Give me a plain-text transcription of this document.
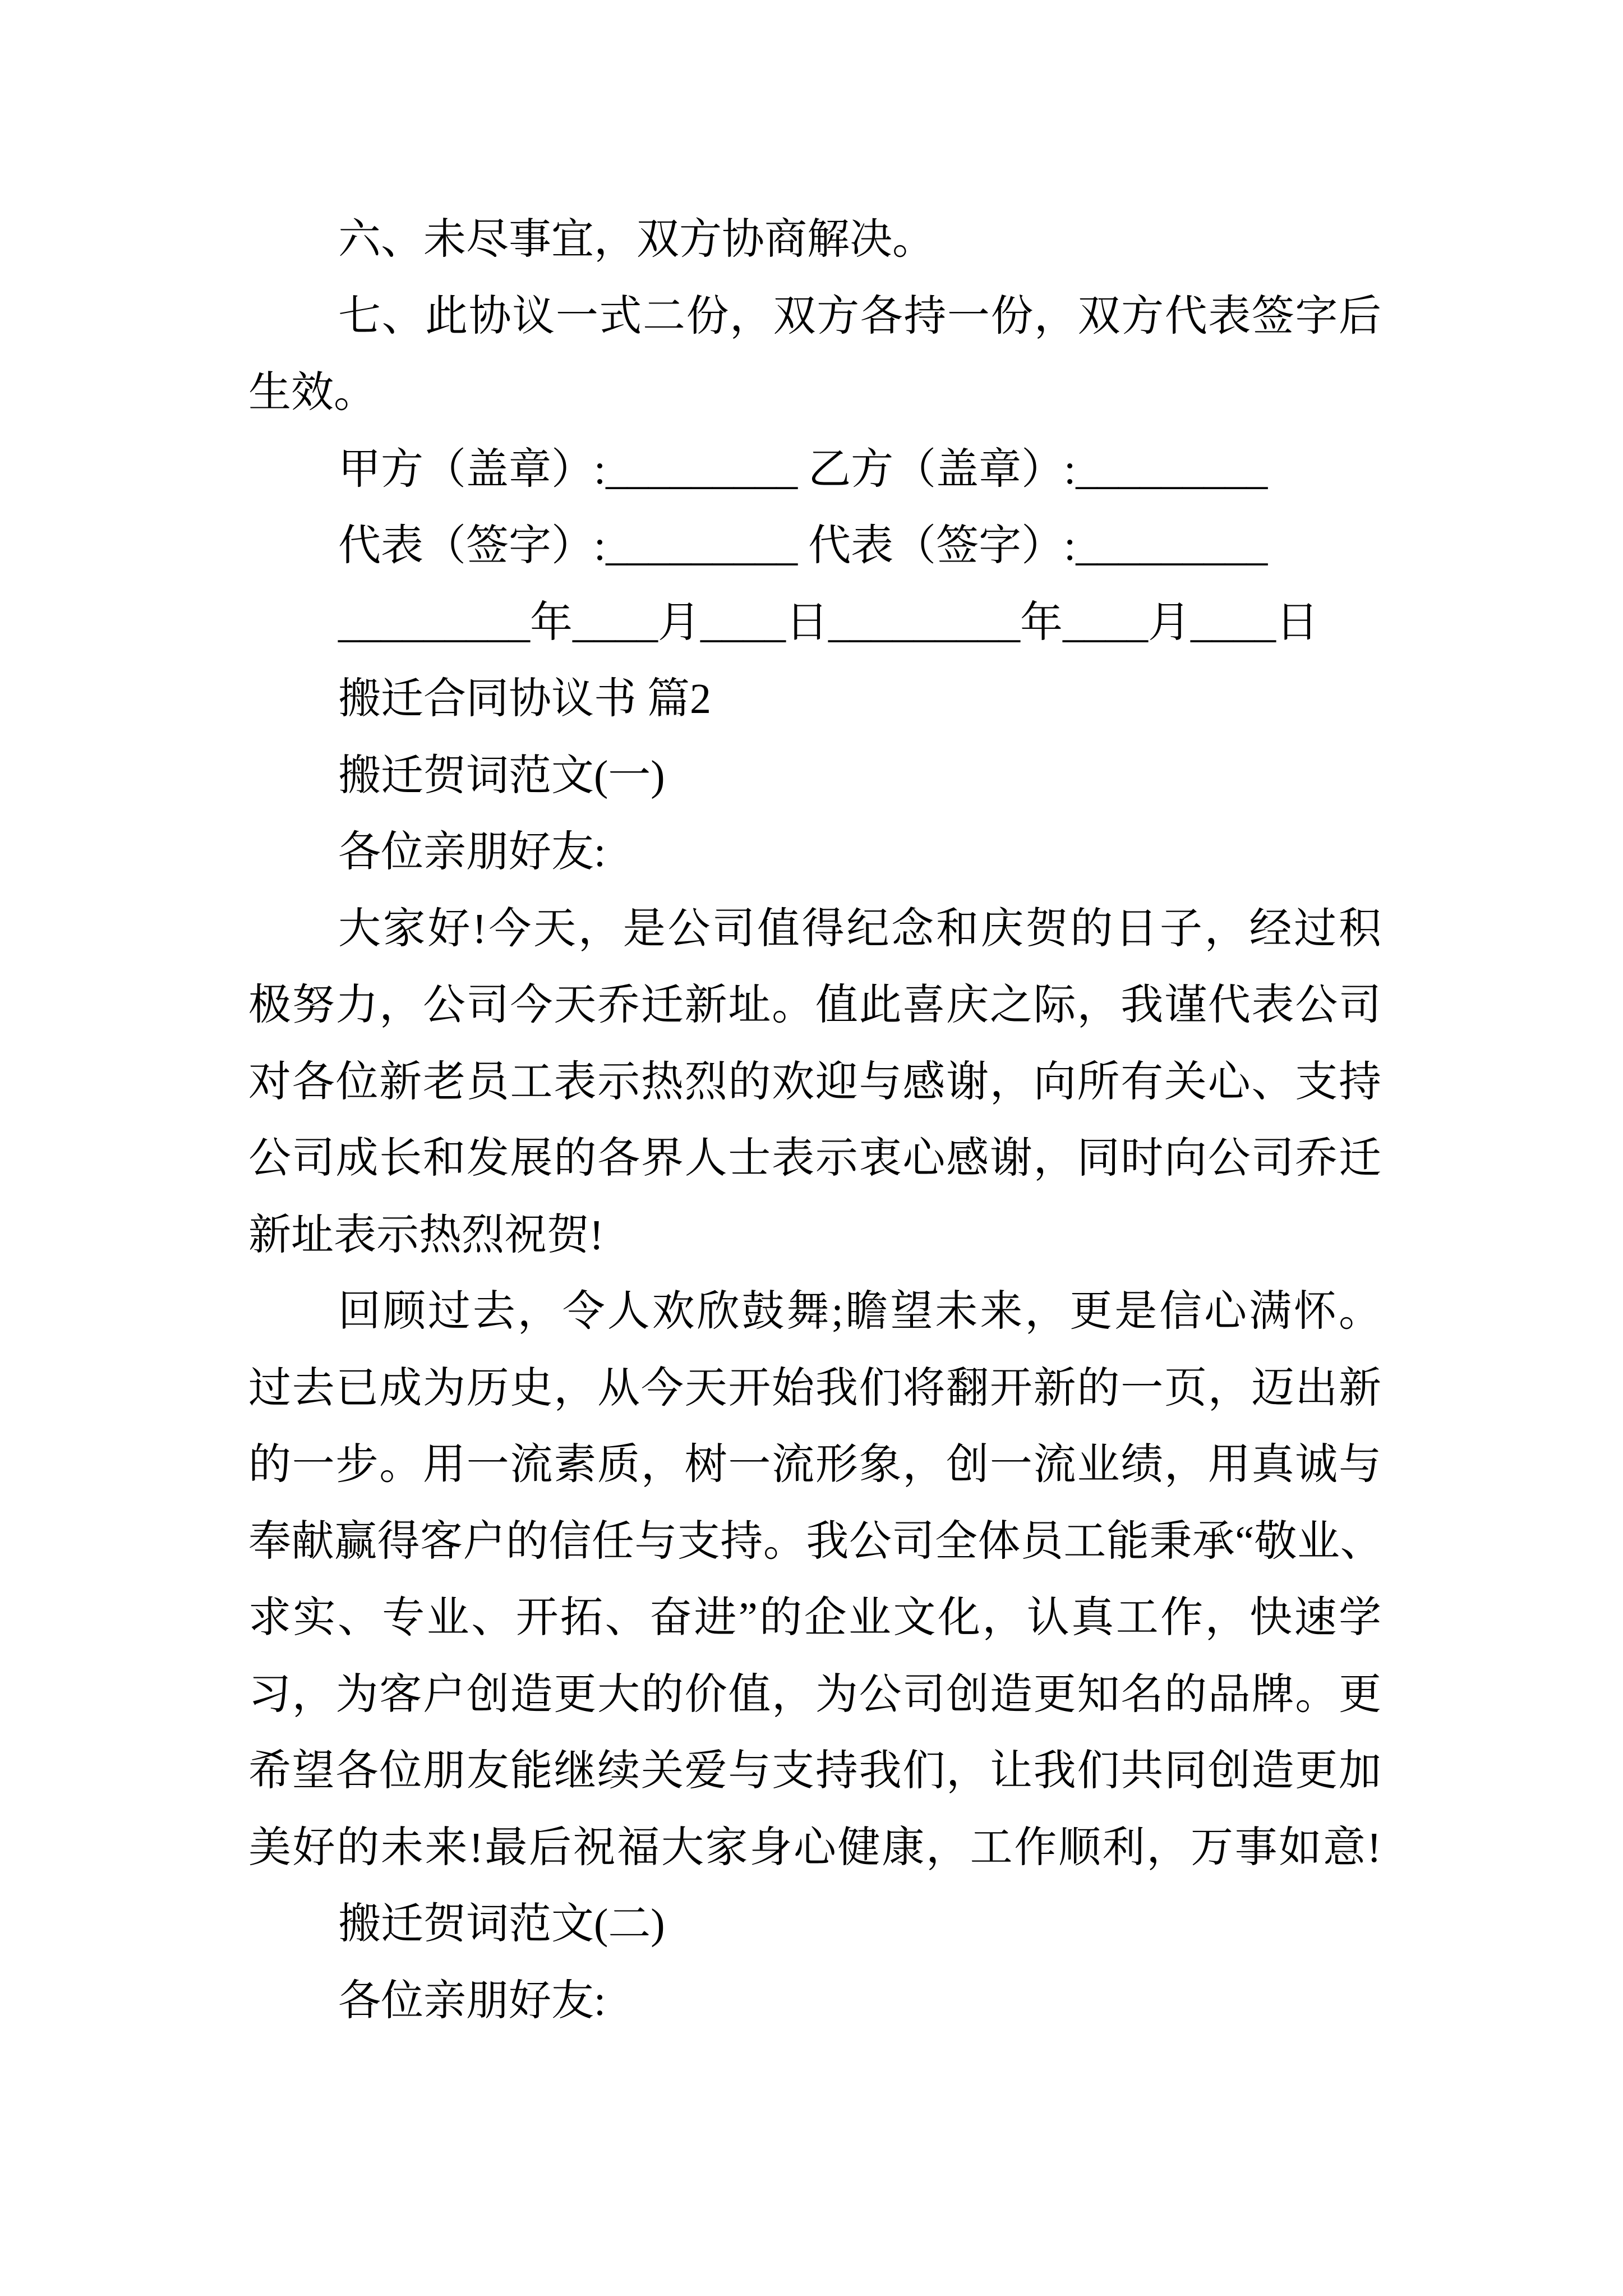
六、未尽事宜，双方协商解决。
七、此协议一式二份，双方各持一份，双方代表签字后
生效。
甲方（盖章）:_________ 乙方（盖章）:_________
代表（签字）:_________ 代表（签字）:_________
_________年____月____日_________年____月____日
搬迁合同协议书 篇2
搬迁贺词范文(一)
各位亲朋好友:
大家好!今天，是公司值得纪念和庆贺的日子，经过积
极努力，公司今天乔迁新址。值此喜庆之际，我谨代表公司
对各位新老员工表示热烈的欢迎与感谢，向所有关心、支持
公司成长和发展的各界人士表示衷心感谢，同时向公司乔迁
新址表示热烈祝贺!
回顾过去，令人欢欣鼓舞;瞻望未来，更是信心满怀。
过去已成为历史，从今天开始我们将翻开新的一页，迈出新
的一步。用一流素质，树一流形象，创一流业绩，用真诚与
奉献赢得客户的信任与支持。我公司全体员工能秉承“敬业、
求实、专业、开拓、奋进”的企业文化，认真工作，快速学
习，为客户创造更大的价值，为公司创造更知名的品牌。更
希望各位朋友能继续关爱与支持我们，让我们共同创造更加
美好的未来!最后祝福大家身心健康，工作顺利，万事如意!
搬迁贺词范文(二)
各位亲朋好友:
